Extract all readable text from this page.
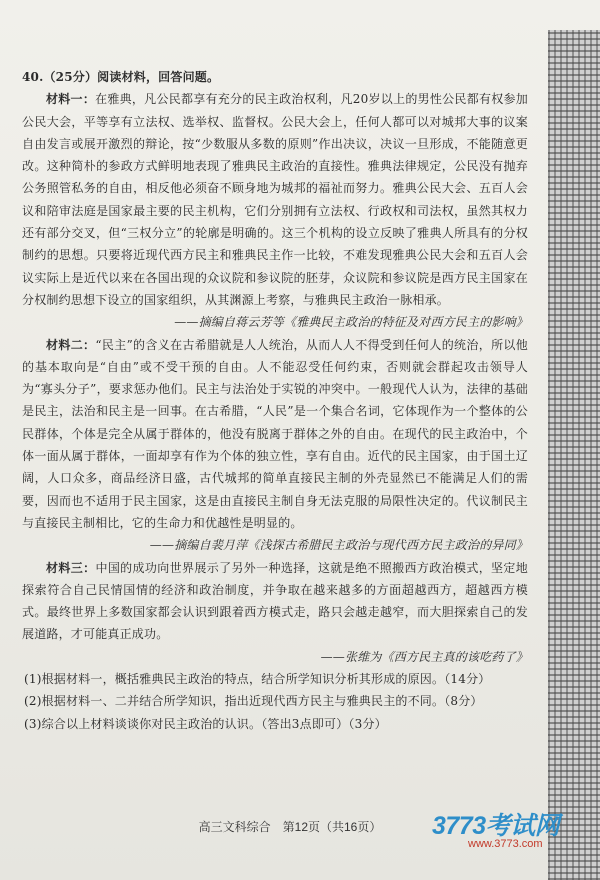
40.（25分）阅读材料，回答问题。
材料一：在雅典，凡公民都享有充分的民主政治权利，凡20岁以上的男性公民都有权参加公民大会，平等享有立法权、选举权、监督权。公民大会上，任何人都可以对城邦大事的议案自由发言或展开激烈的辩论，按“少数服从多数的原则”作出决议，决议一旦形成，不能随意更改。这种简朴的参政方式鲜明地表现了雅典民主政治的直接性。雅典法律规定，公民没有抛弃公务照管私务的自由，相反他必须奋不顾身地为城邦的福祉而努力。雅典公民大会、五百人会议和陪审法庭是国家最主要的民主机构，它们分别拥有立法权、行政权和司法权，虽然其权力还有部分交叉，但“三权分立”的轮廓是明确的。这三个机构的设立反映了雅典人所具有的分权制约的思想。只要将近现代西方民主和雅典民主作一比较，不难发现雅典公民大会和五百人会议实际上是近代以来在各国出现的众议院和参议院的胚芽，众议院和参议院是西方民主国家在分权制约思想下设立的国家组织，从其渊源上考察，与雅典民主政治一脉相承。
——摘编自蒋云芳等《雅典民主政治的特征及对西方民主的影响》
材料二：“民主”的含义在古希腊就是人人统治，从而人人不得受到任何人的统治，所以他的基本取向是“自由”或不受干预的自由。人不能忍受任何约束，否则就会群起攻击领导人为“寡头分子”，要求惩办他们。民主与法治处于实锐的冲突中。一般现代人认为，法律的基础是民主，法治和民主是一回事。在古希腊，“人民”是一个集合名词，它体现作为一个整体的公民群体，个体是完全从属于群体的，他没有脱离于群体之外的自由。在现代的民主政治中，个体一面从属于群体，一面却享有作为个体的独立性，享有自由。近代的民主国家，由于国土辽阔，人口众多，商品经济日盛，古代城邦的简单直接民主制的外壳显然已不能满足人们的需要，因而也不适用于民主国家，这是由直接民主制自身无法克服的局限性决定的。代议制民主与直接民主制相比，它的生命力和优越性是明显的。
——摘编自裴月萍《浅探古希腊民主政治与现代西方民主政治的异同》
材料三：中国的成功向世界展示了另外一种选择，这就是绝不照搬西方政治模式，坚定地探索符合自己民情国情的经济和政治制度，并争取在越来越多的方面超越西方，超越西方模式。最终世界上多数国家都会认识到跟着西方模式走，路只会越走越窄，而大胆探索自己的发展道路，才可能真正成功。
——张维为《西方民主真的该吃药了》
(1)根据材料一，概括雅典民主政治的特点，结合所学知识分析其形成的原因。（14分）
(2)根据材料一、二并结合所学知识，指出近现代西方民主与雅典民主的不同。（8分）
(3)综合以上材料谈谈你对民主政治的认识。（答出3点即可）（3分）
高三文科综合　第12页（共16页）	3773考试网
www.3773.com
